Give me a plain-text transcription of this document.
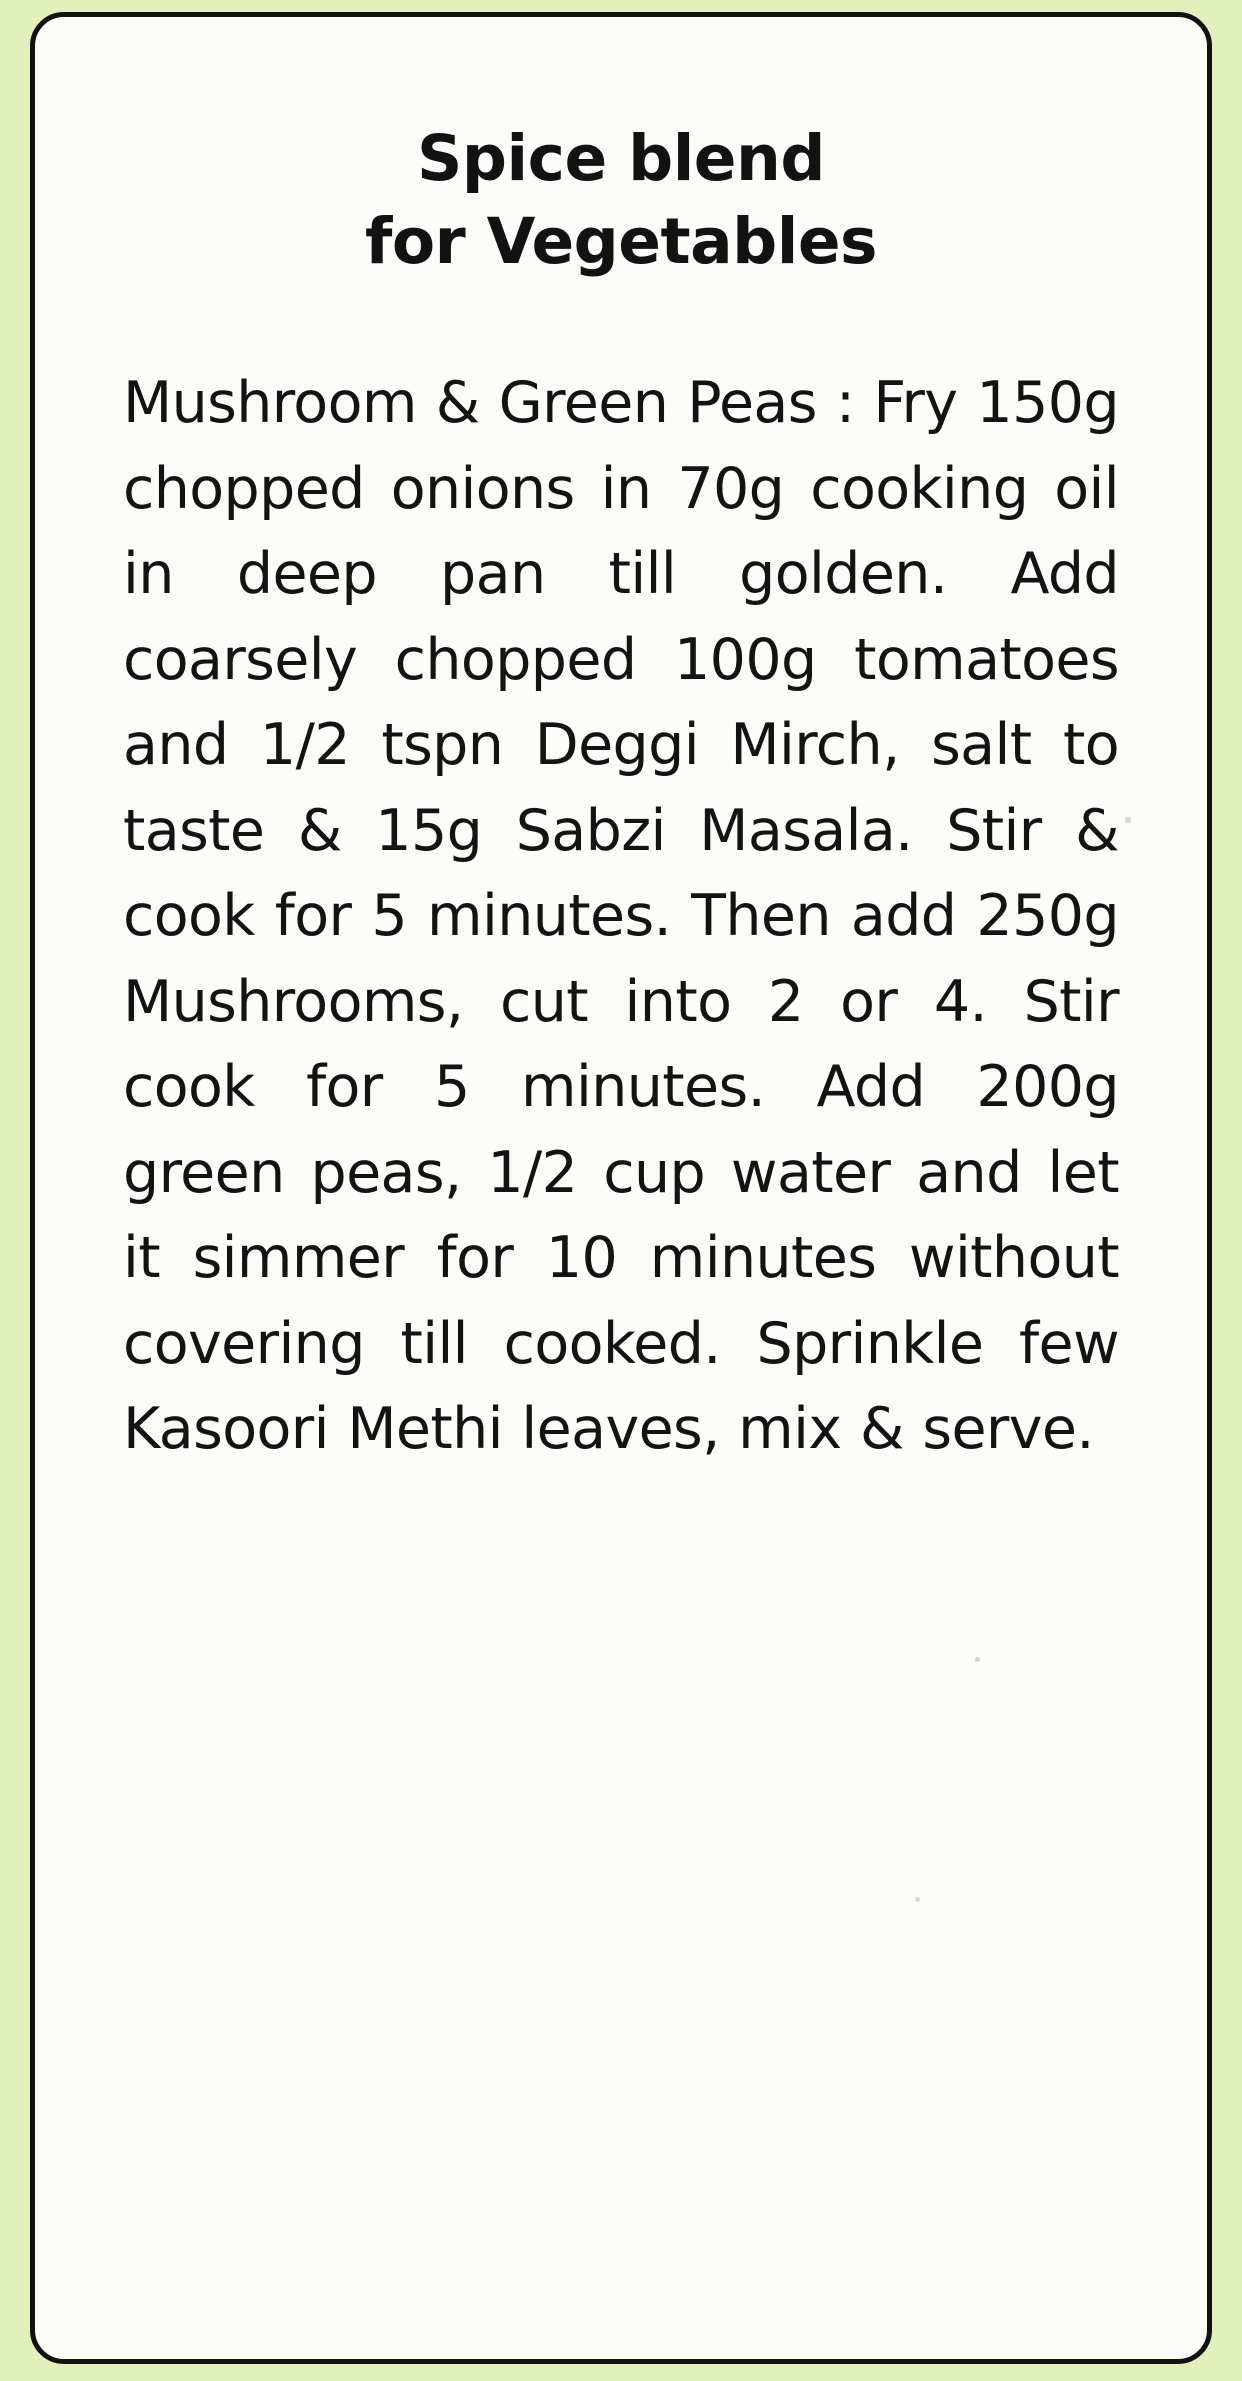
Spice blend
for Vegetables

Mushroom & Green Peas : Fry 150g chopped onions in 70g cooking oil in deep pan till golden. Add coarsely chopped 100g tomatoes and 1/2 tspn Deggi Mirch, salt to taste & 15g Sabzi Masala. Stir & cook for 5 minutes. Then add 250g Mushrooms, cut into 2 or 4. Stir cook for 5 minutes. Add 200g green peas, 1/2 cup water and let it simmer for 10 minutes without covering till cooked. Sprinkle few Kasoori Methi leaves, mix & serve.
